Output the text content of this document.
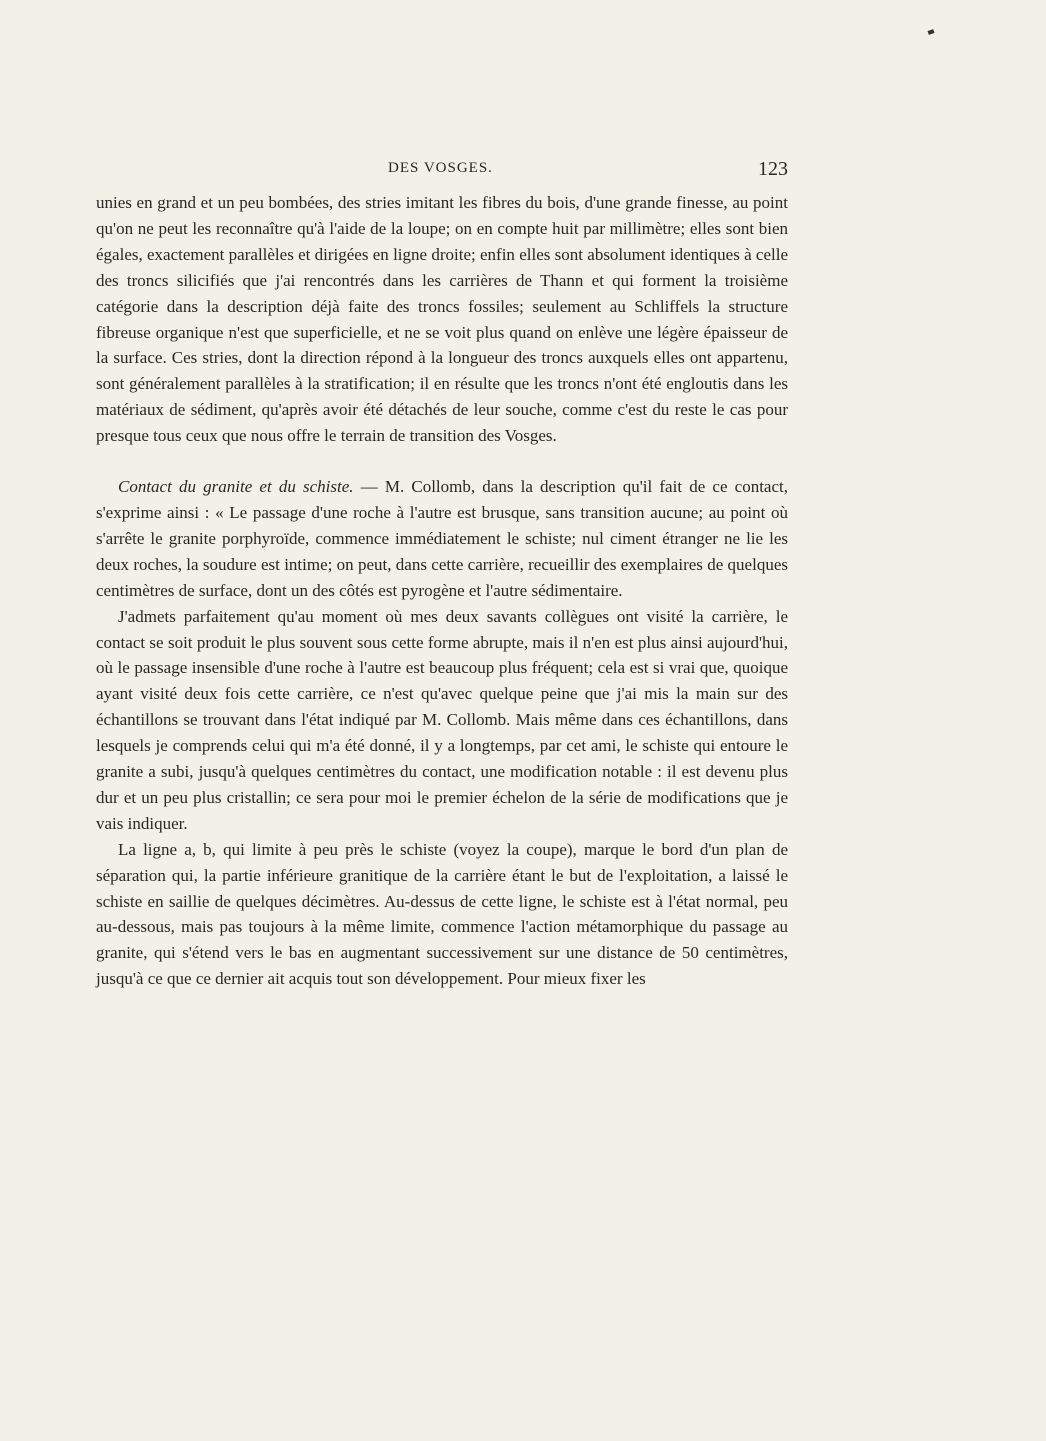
DES VOSGES.	123

unies en grand et un peu bombées, des stries imitant les fibres du bois, d'une grande finesse, au point qu'on ne peut les reconnaître qu'à l'aide de la loupe; on en compte huit par millimètre; elles sont bien égales, exactement parallèles et dirigées en ligne droite; enfin elles sont absolument identiques à celle des troncs silicifiés que j'ai rencontrés dans les carrières de Thann et qui forment la troisième catégorie dans la description déjà faite des troncs fossiles; seulement au Schliffels la structure fibreuse organique n'est que superficielle, et ne se voit plus quand on enlève une légère épaisseur de la surface. Ces stries, dont la direction répond à la longueur des troncs auxquels elles ont appartenu, sont généralement parallèles à la stratification; il en résulte que les troncs n'ont été engloutis dans les matériaux de sédiment, qu'après avoir été détachés de leur souche, comme c'est du reste le cas pour presque tous ceux que nous offre le terrain de transition des Vosges.

Contact du granite et du schiste. — M. Collomb, dans la description qu'il fait de ce contact, s'exprime ainsi : « Le passage d'une roche à l'autre est brusque, sans transition aucune; au point où s'arrête le granite porphyroïde, commence immédiatement le schiste; nul ciment étranger ne lie les deux roches, la soudure est intime; on peut, dans cette carrière, recueillir des exemplaires de quelques centimètres de surface, dont un des côtés est pyrogène et l'autre sédimentaire.

J'admets parfaitement qu'au moment où mes deux savants collègues ont visité la carrière, le contact se soit produit le plus souvent sous cette forme abrupte, mais il n'en est plus ainsi aujourd'hui, où le passage insensible d'une roche à l'autre est beaucoup plus fréquent; cela est si vrai que, quoique ayant visité deux fois cette carrière, ce n'est qu'avec quelque peine que j'ai mis la main sur des échantillons se trouvant dans l'état indiqué par M. Collomb. Mais même dans ces échantillons, dans lesquels je comprends celui qui m'a été donné, il y a longtemps, par cet ami, le schiste qui entoure le granite a subi, jusqu'à quelques centimètres du contact, une modification notable : il est devenu plus dur et un peu plus cristallin; ce sera pour moi le premier échelon de la série de modifications que je vais indiquer.

La ligne a, b, qui limite à peu près le schiste (voyez la coupe), marque le bord d'un plan de séparation qui, la partie inférieure granitique de la carrière étant le but de l'exploitation, a laissé le schiste en saillie de quelques décimètres. Au-dessus de cette ligne, le schiste est à l'état normal, peu au-dessous, mais pas toujours à la même limite, commence l'action métamorphique du passage au granite, qui s'étend vers le bas en augmentant successivement sur une distance de 50 centimètres, jusqu'à ce que ce dernier ait acquis tout son développement. Pour mieux fixer les
